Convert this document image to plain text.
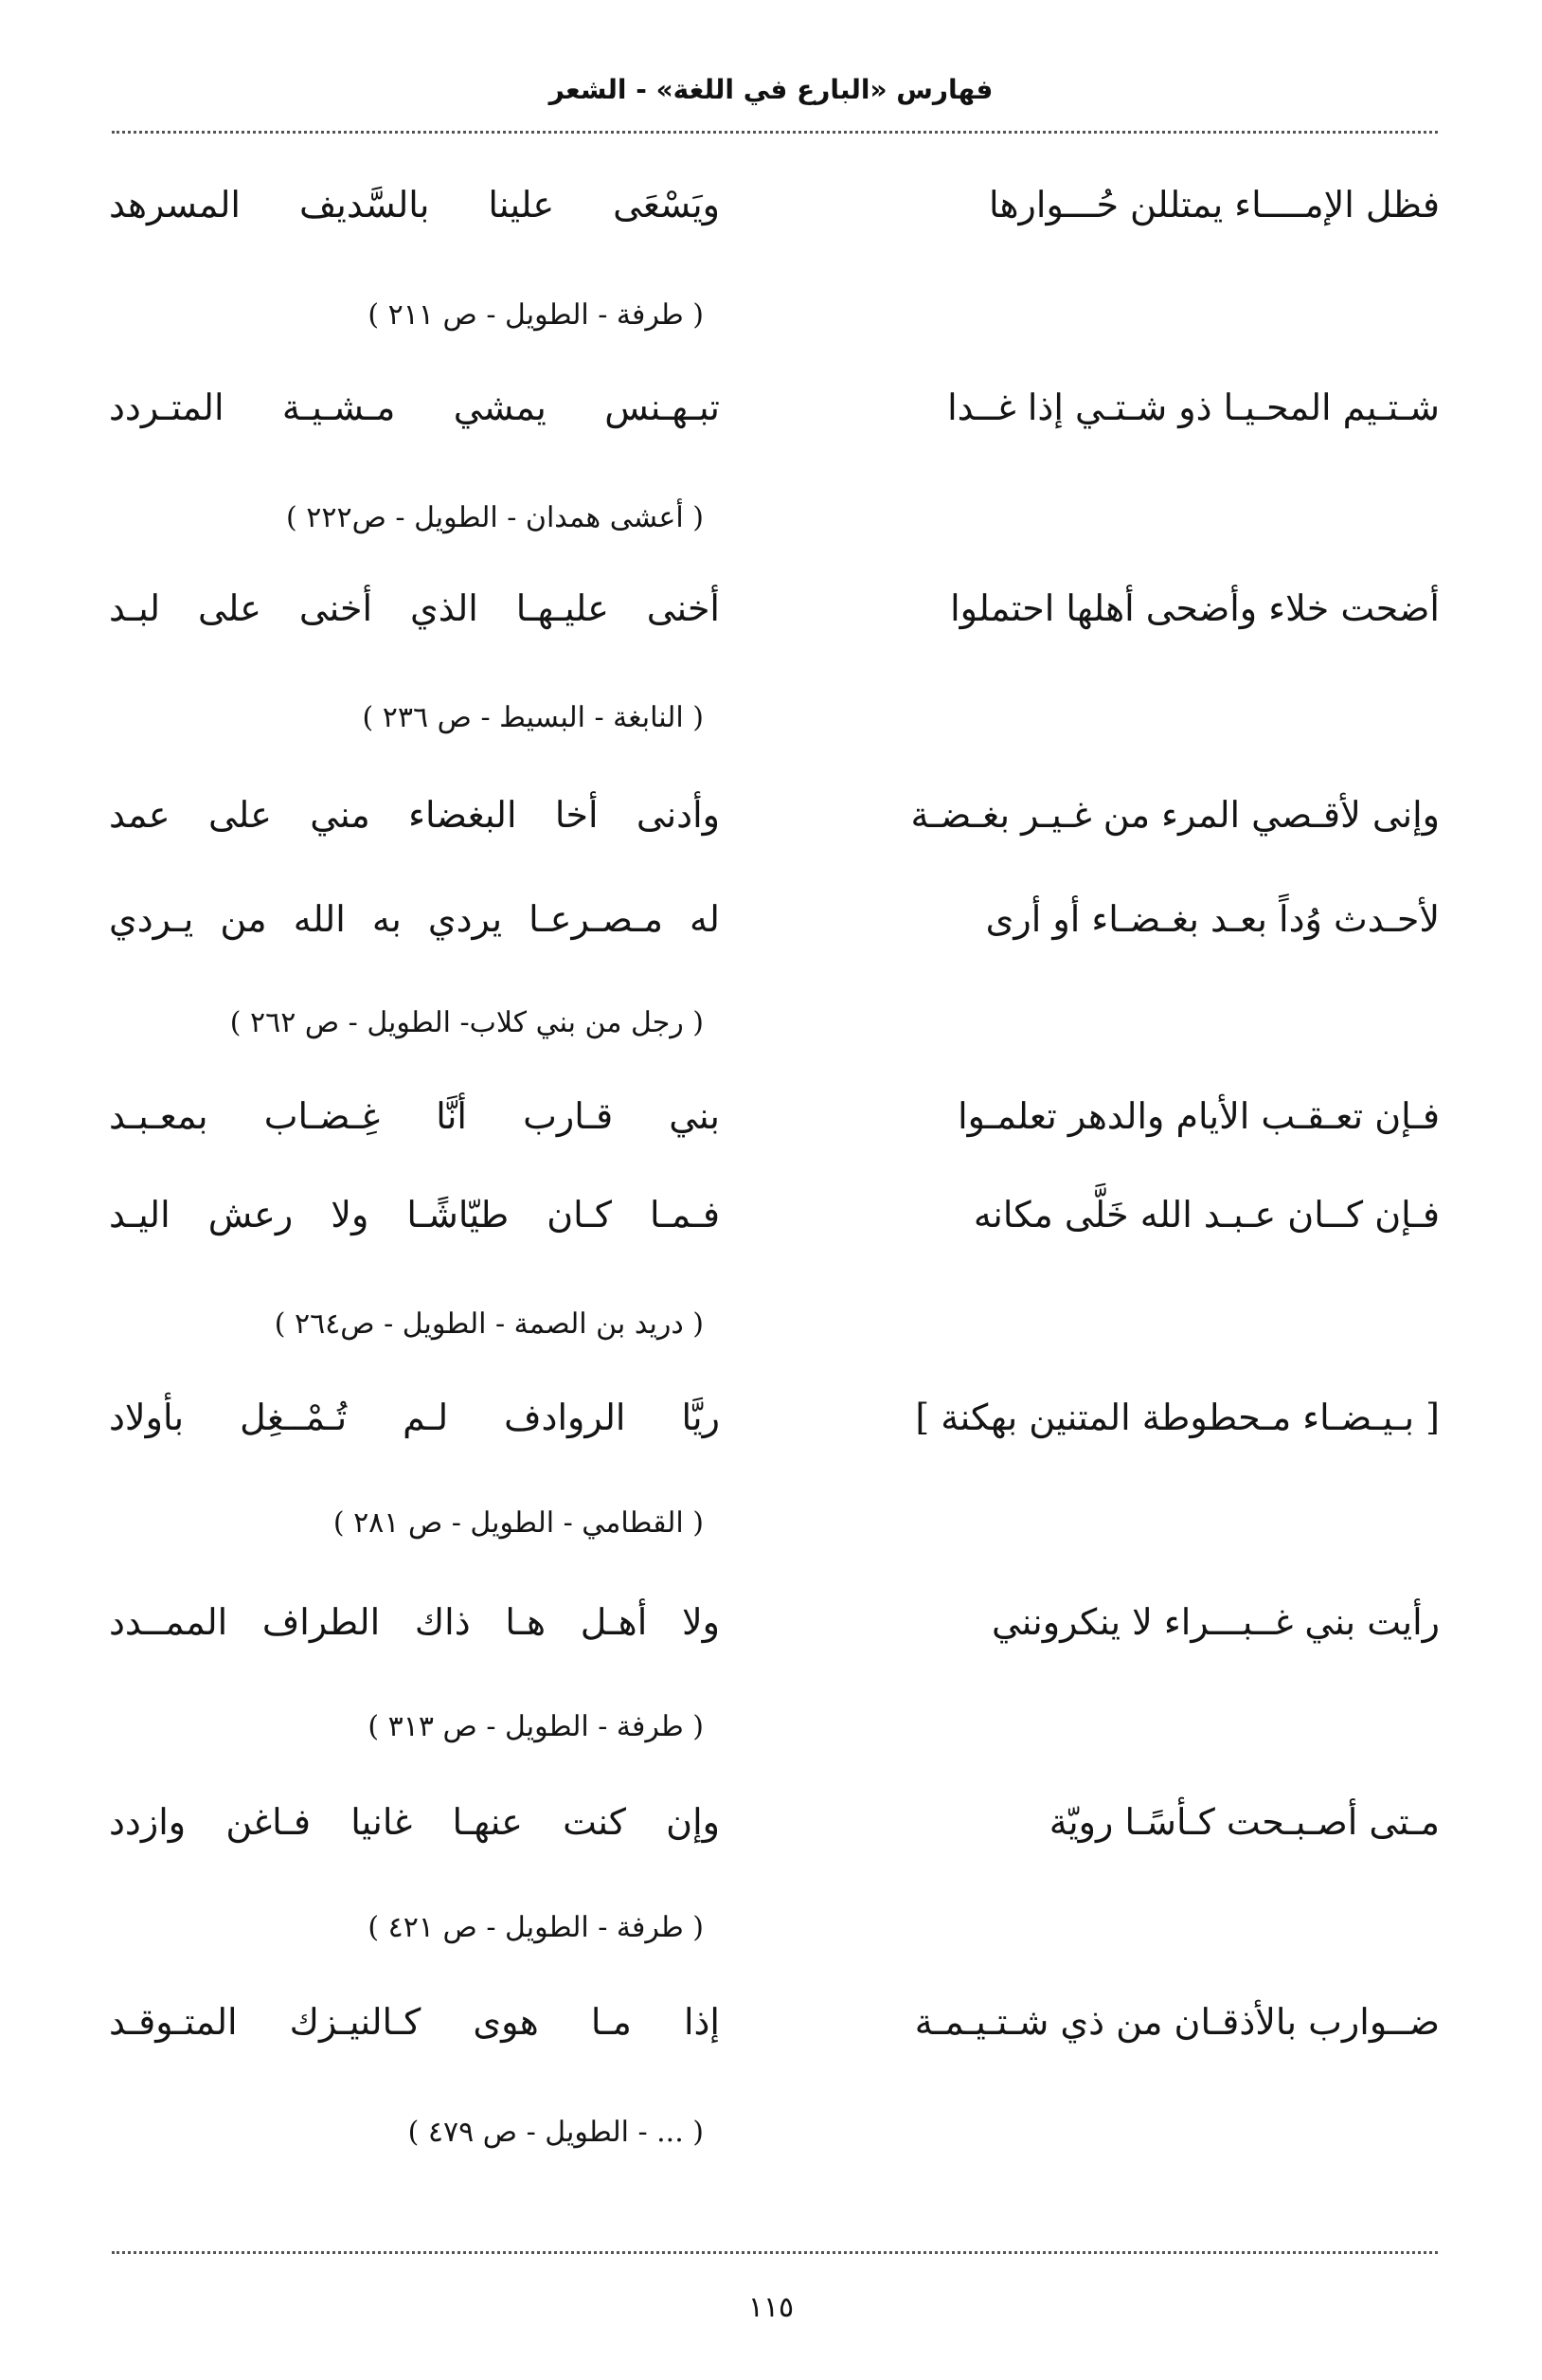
فهارس «البارع في اللغة» - الشعر
فظل الإمــــاء يمتللن حُـــوارها
ويَسْعَى علينا بالسَّديف المسرهد
( طرفة - الطويل - ص ٢١١ )
شـتـيم المحـيـا ذو شـتـي إذا غــدا
تبـهـنس يمشي مـشـيـة المتـردد
( أعشى همدان - الطويل - ص٢٢٢ )
أضحت خلاء وأضحى أهلها احتملوا
أخنى عليـهـا الذي أخنى على لبـد
( النابغة - البسيط - ص ٢٣٦ )
وإنى لأقـصي المرء من غـيـر بغـضـة
وأدنى أخا البغضاء مني على عمد
لأحـدث وُداً بعـد بغـضـاء أو أرى
له مـصـرعـا يردي به الله من يـردي
( رجل من بني كلاب- الطويل - ص ٢٦٢ )
فـإن تعـقـب الأيام والدهر تعلمـوا
بني قـارب أنَّا غِـضـاب بمعـبـد
فـإن كــان عـبـد الله خَلَّى مكانه
فـمـا كـان طيّاشًـا ولا رعش اليـد
( دريد بن الصمة - الطويل - ص٢٦٤ )
[ بـيـضـاء مـحطوطة المتنين بهكنة ]
ريَّا الروادف لـم تُـمْــغِل بأولاد
( القطامي - الطويل - ص ٢٨١ )
رأيت بني غــبـــراء لا ينكرونني
ولا أهـل هـا ذاك الطراف الممــدد
( طرفة - الطويل - ص ٣١٣ )
مـتى أصـبـحت كـأسًـا رويّة
وإن كنت عنهـا غانيا فـاغن وازدد
( طرفة - الطويل - ص ٤٢١ )
ضــوارب بالأذقـان من ذي شـتـيـمـة
إذا مـا هوى كـالنيـزك المتـوقـد
( ... - الطويل - ص ٤٧٩ )
١١٥
